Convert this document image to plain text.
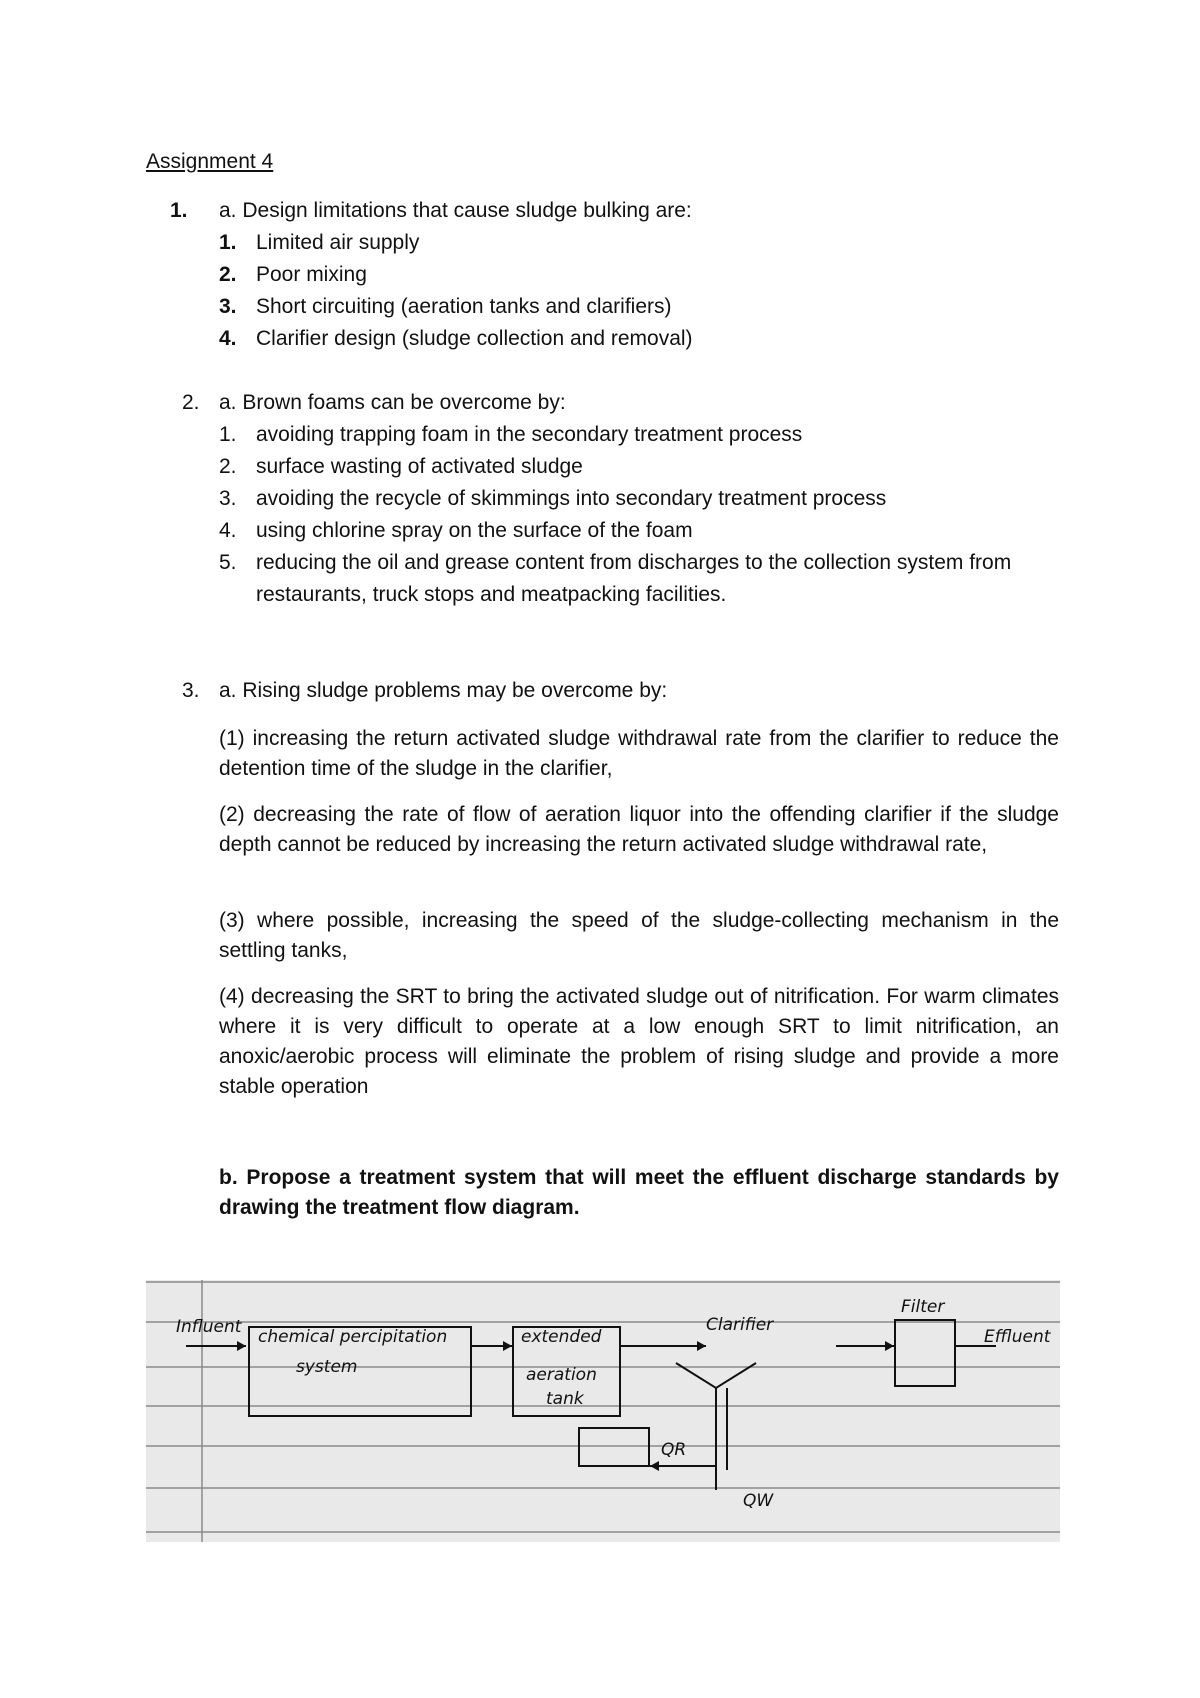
Assignment 4
1. a. Design limitations that cause sludge bulking are:
1. Limited air supply
2. Poor mixing
3. Short circuiting (aeration tanks and clarifiers)
4. Clarifier design (sludge collection and removal)
2. a. Brown foams can be overcome by:
1. avoiding trapping foam in the secondary treatment process
2. surface wasting of activated sludge
3. avoiding the recycle of skimmings into secondary treatment process
4. using chlorine spray on the surface of the foam
5. reducing the oil and grease content from discharges to the collection system from
restaurants, truck stops and meatpacking facilities.
3. a. Rising sludge problems may be overcome by:
(1) increasing the return activated sludge withdrawal rate from the clarifier to reduce the detention time of the sludge in the clarifier,
(2) decreasing the rate of flow of aeration liquor into the offending clarifier if the sludge depth cannot be reduced by increasing the return activated sludge withdrawal rate,
(3) where possible, increasing the speed of the sludge-collecting mechanism in the settling tanks,
(4) decreasing the SRT to bring the activated sludge out of nitrification. For warm climates where it is very difficult to operate at a low enough SRT to limit nitrification, an anoxic/aerobic process will eliminate the problem of rising sludge and provide a more stable operation
b. Propose a treatment system that will meet the effluent discharge standards by drawing the treatment flow diagram.
Influent chemical percipitation
system
extended
aeration
tank
Clarifier
Filter
Effluent
QR
QW
